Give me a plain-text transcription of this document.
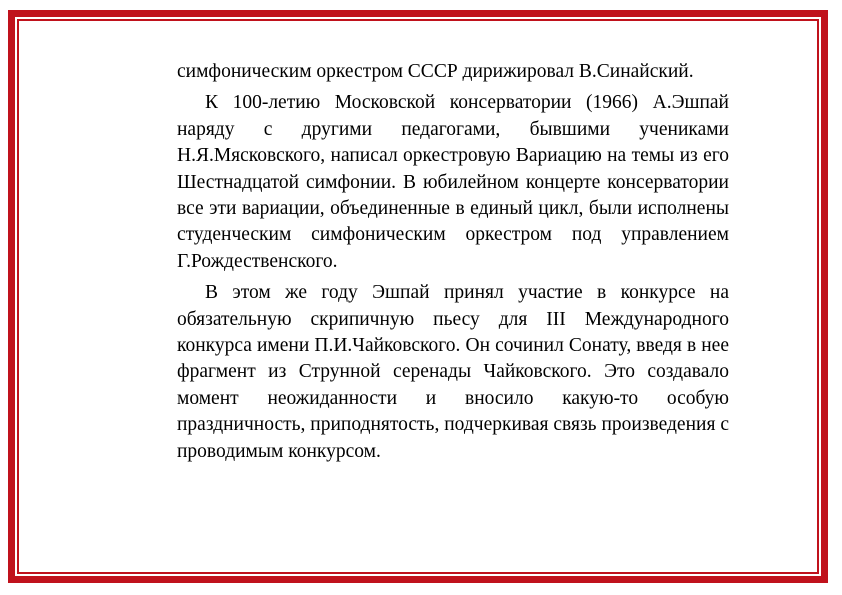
симфоническим оркестром СССР дирижировал В.Синайский.

К 100-летию Московской консерватории (1966) А.Эшпай наряду с другими педагогами, бывшими учениками Н.Я.Мясковского, написал оркестровую Вариацию на темы из его Шестнадцатой симфонии. В юбилейном концерте консерватории все эти вариации, объединенные в единый цикл, были исполнены студенческим симфоническим оркестром под управлением Г.Рождественского.

В этом же году Эшпай принял участие в конкурсе на обязательную скрипичную пьесу для III Международного конкурса имени П.И.Чайковского. Он сочинил Сонату, введя в нее фрагмент из Струнной серенады Чайковского. Это создавало момент неожиданности и вносило какую-то особую праздничность, приподнятость, подчеркивая связь произведения с проводимым конкурсом.
